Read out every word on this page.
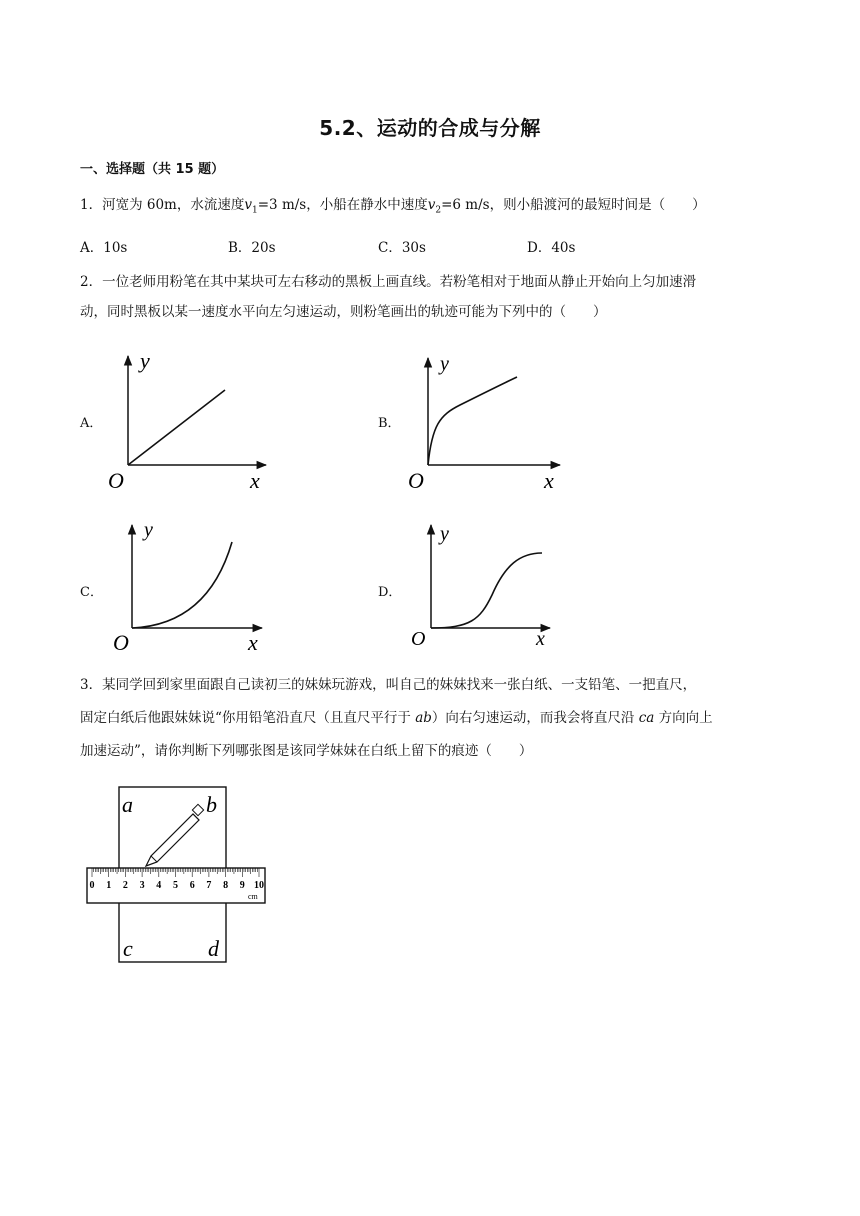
5.2、运动的合成与分解
一、选择题（共 15 题）
1．河宽为 60m，水流速度$v_1=3$ m/s，小船在静水中速度$v_2=6$ m/s，则小船渡河的最短时间是（　　）
A．10s	B．20s	C．30s	D．40s
2．一位老师用粉笔在其中某块可左右移动的黑板上画直线。若粉笔相对于地面从静止开始向上匀加速滑
动，同时黑板以某一速度水平向左匀速运动，则粉笔画出的轨迹可能为下列中的（　　）
A．	B．
C．	D．
y
x
O
y
x
O
y
x
O
y
x
O
3．某同学回到家里面跟自己读初三的妹妹玩游戏，叫自己的妹妹找来一张白纸、一支铅笔、一把直尺，
固定白纸后他跟妹妹说“你用铅笔沿直尺（且直尺平行于 ab）向右匀速运动，而我会将直尺沿 ca 方向向上
加速运动”，请你判断下列哪张图是该同学妹妹在白纸上留下的痕迹（　　）
0 1 2 3 4 5 6 7 8 9 10
cm
a	b
c	d
